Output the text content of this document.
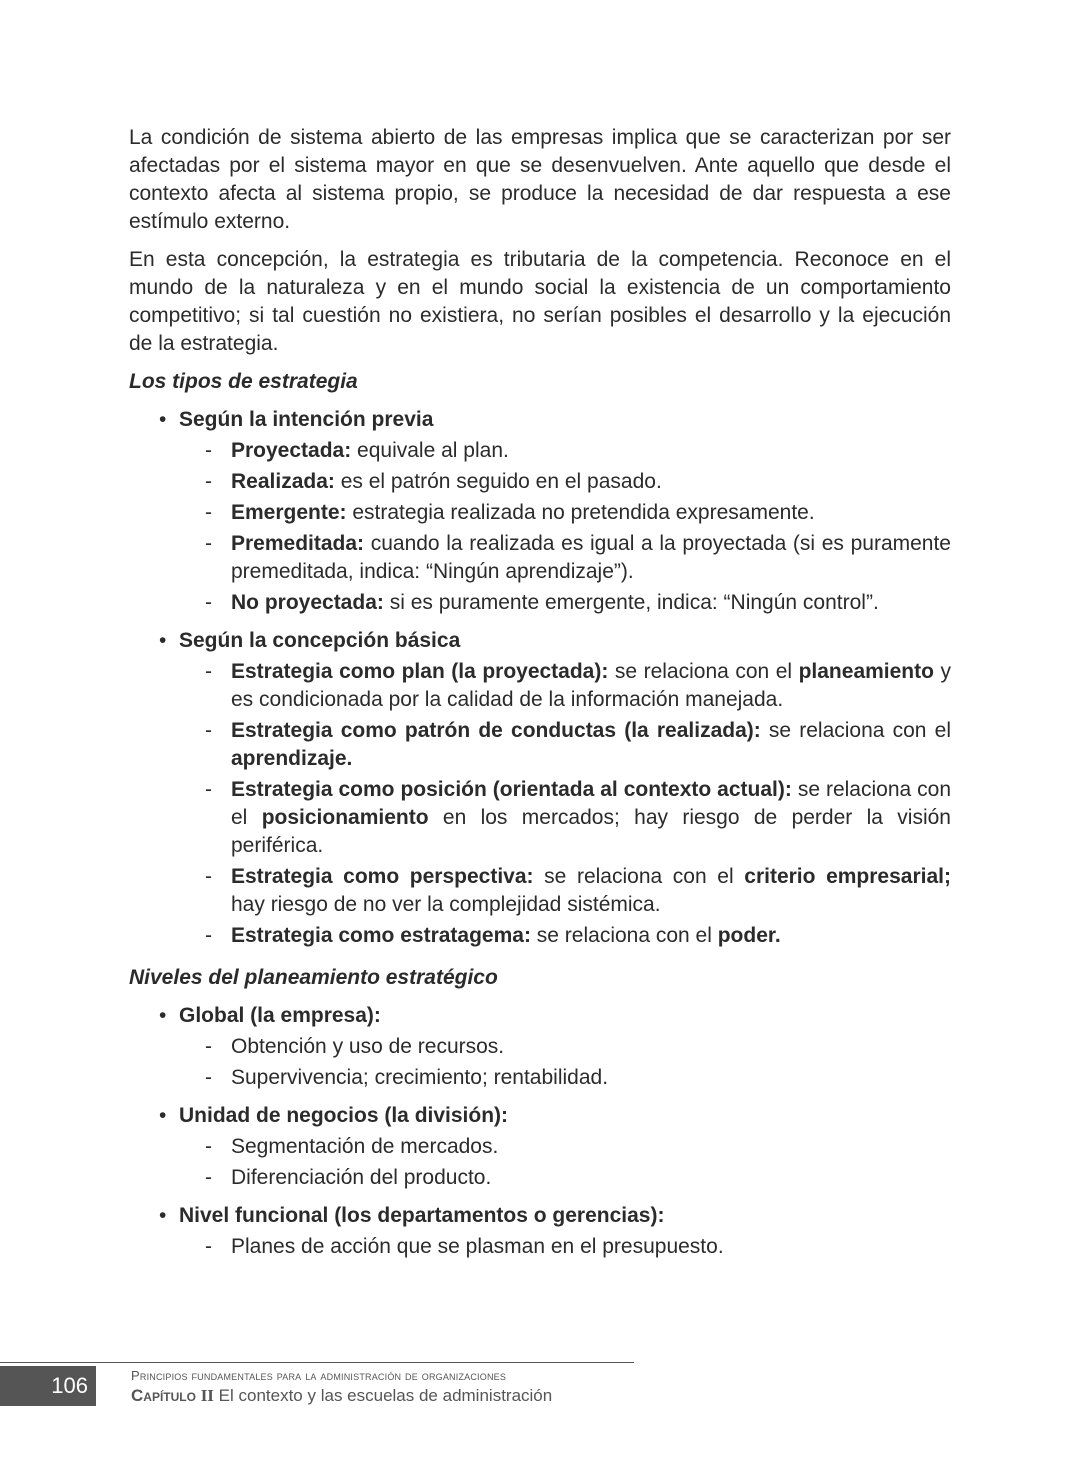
La condición de sistema abierto de las empresas implica que se caracterizan por ser afectadas por el sistema mayor en que se desenvuelven. Ante aquello que desde el contexto afecta al sistema propio, se produce la necesidad de dar respuesta a ese estímulo externo.

En esta concepción, la estrategia es tributaria de la competencia. Reconoce en el mundo de la naturaleza y en el mundo social la existencia de un comportamiento competitivo; si tal cuestión no existiera, no serían posibles el desarrollo y la ejecución de la estrategia.

Los tipos de estrategia
• Según la intención previa
- Proyectada: equivale al plan.
- Realizada: es el patrón seguido en el pasado.
- Emergente: estrategia realizada no pretendida expresamente.
- Premeditada: cuando la realizada es igual a la proyectada (si es puramente premeditada, indica: “Ningún aprendizaje”).
- No proyectada: si es puramente emergente, indica: “Ningún control”.
• Según la concepción básica
- Estrategia como plan (la proyectada): se relaciona con el planeamiento y es condicionada por la calidad de la información manejada.
- Estrategia como patrón de conductas (la realizada): se relaciona con el aprendizaje.
- Estrategia como posición (orientada al contexto actual): se relaciona con el posicionamiento en los mercados; hay riesgo de perder la visión periférica.
- Estrategia como perspectiva: se relaciona con el criterio empresarial; hay riesgo de no ver la complejidad sistémica.
- Estrategia como estratagema: se relaciona con el poder.
Niveles del planeamiento estratégico
• Global (la empresa):
- Obtención y uso de recursos.
- Supervivencia; crecimiento; rentabilidad.
• Unidad de negocios (la división):
- Segmentación de mercados.
- Diferenciación del producto.
• Nivel funcional (los departamentos o gerencias):
- Planes de acción que se plasman en el presupuesto.
106	Principios fundamentales para la administración de organizaciones
Capítulo II El contexto y las escuelas de administración
